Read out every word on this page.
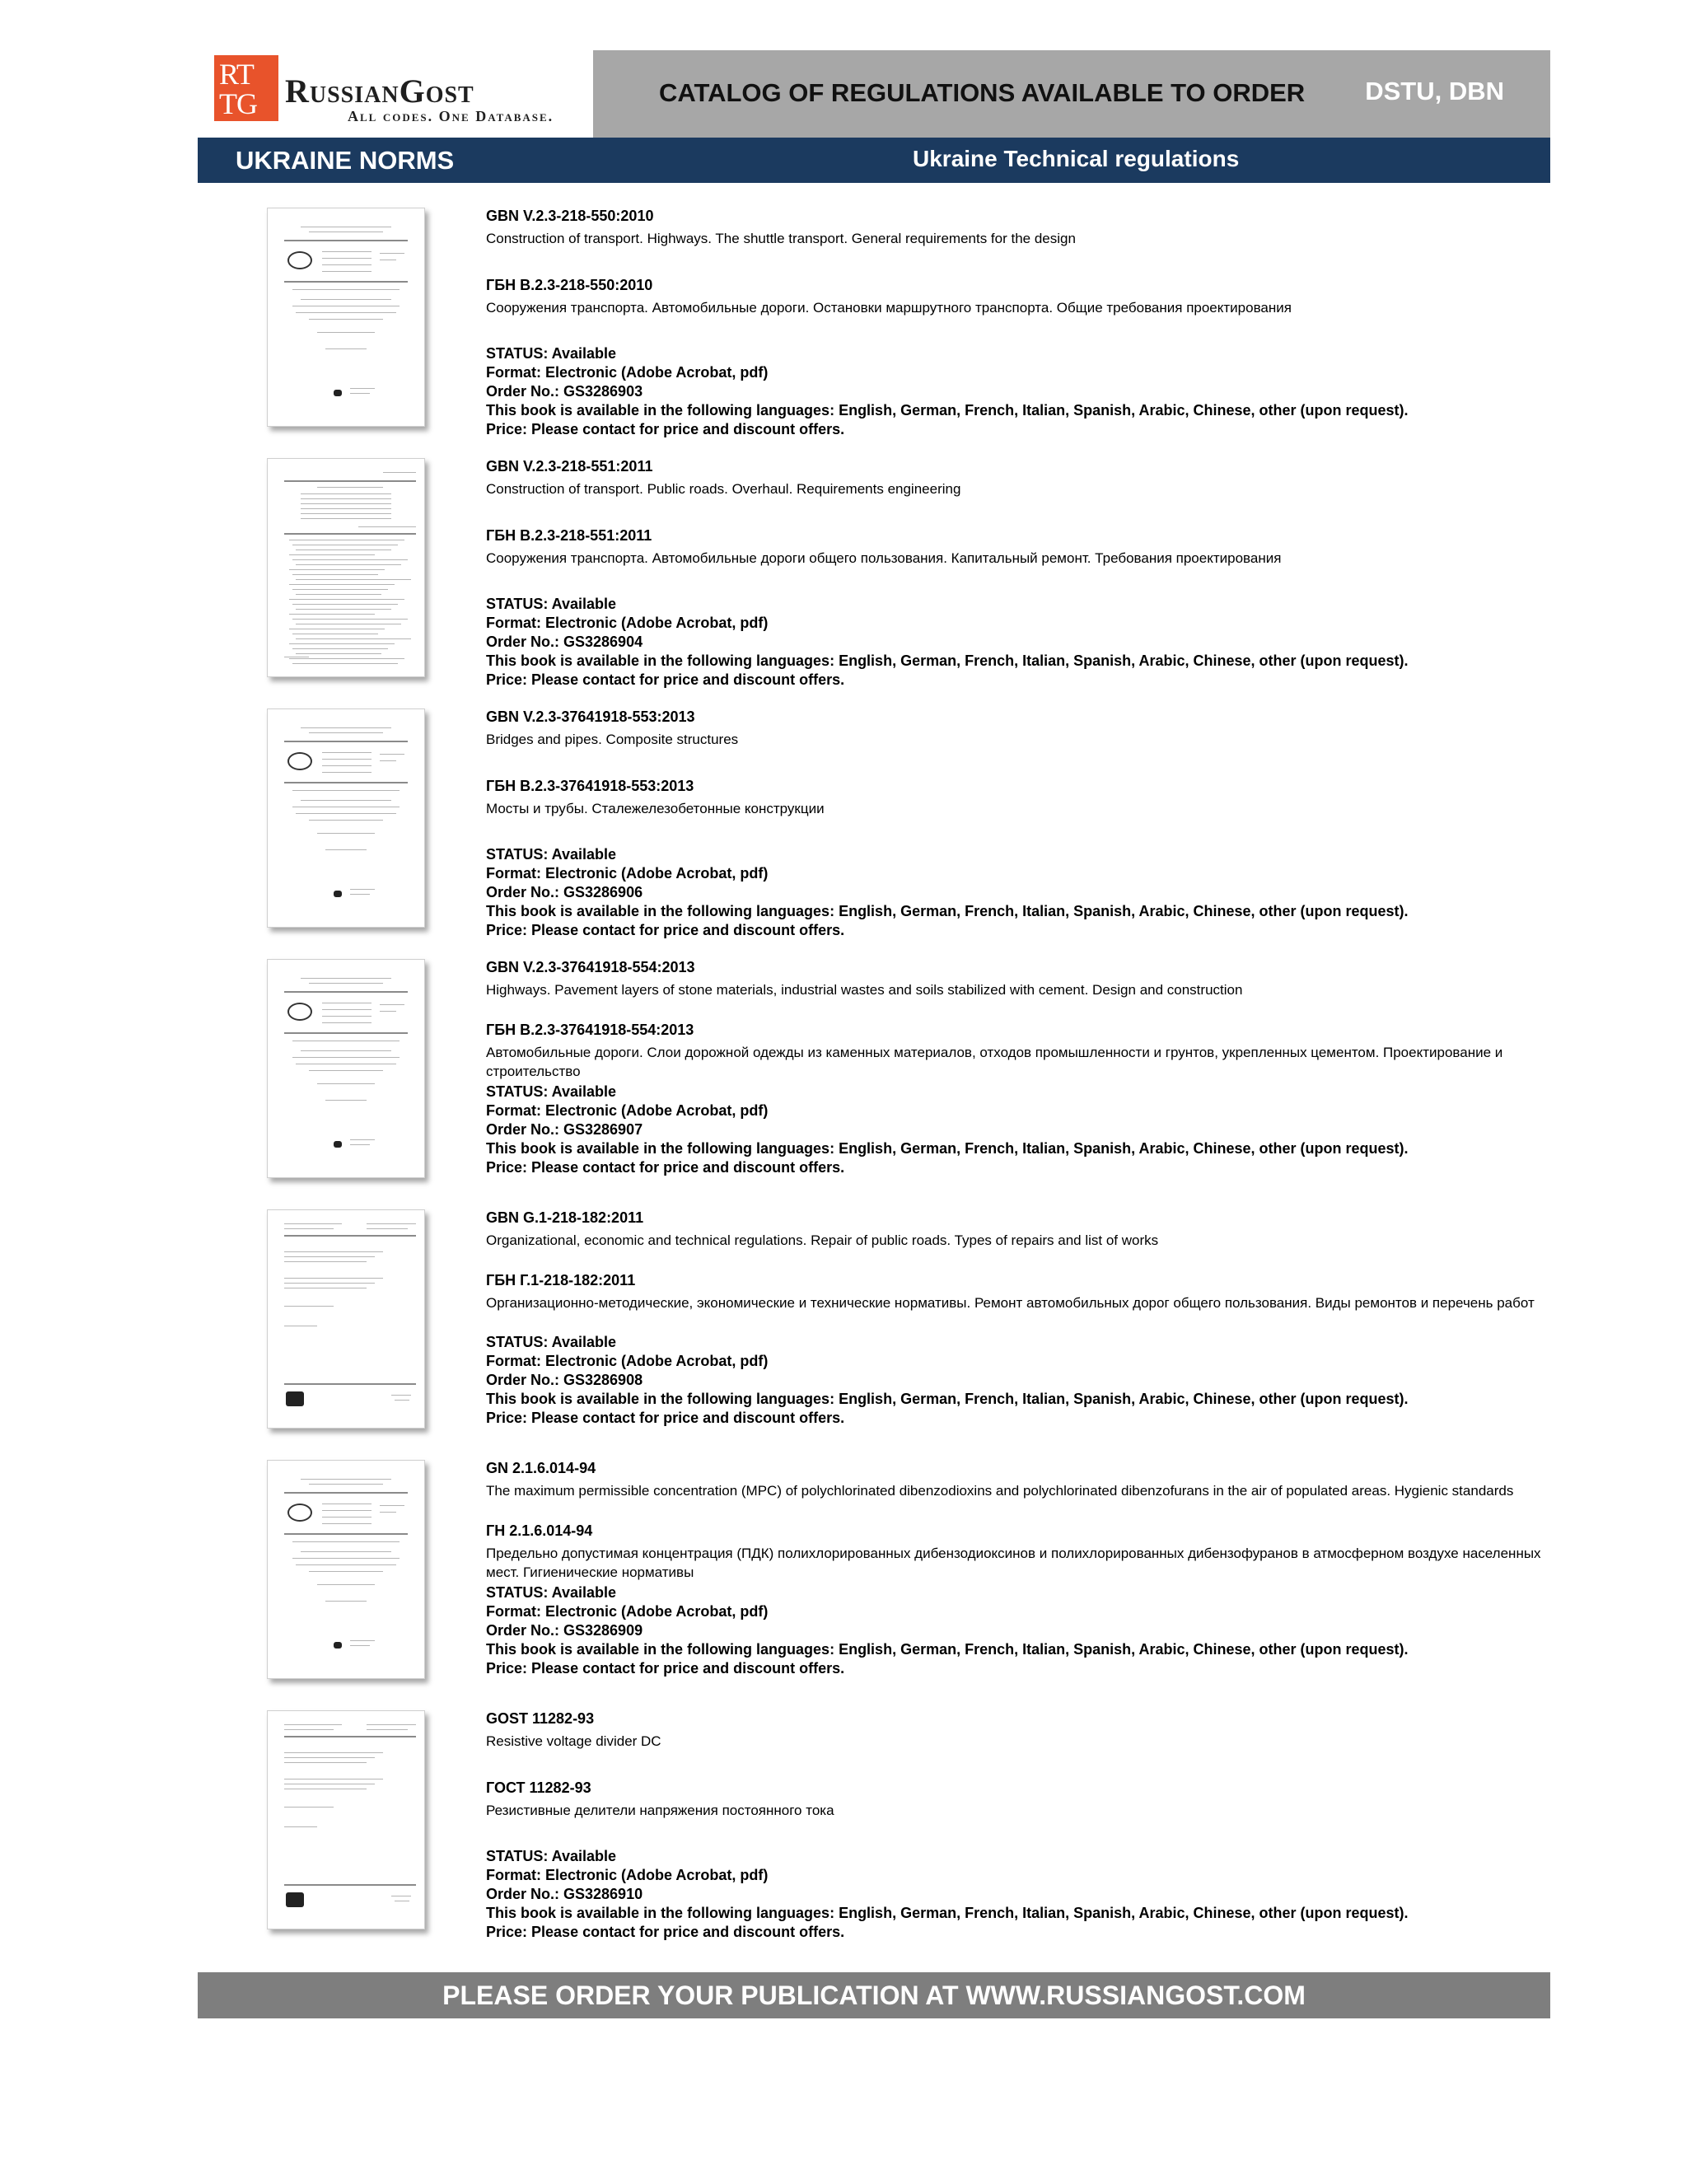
RT
TG RussianGost
All codes. One Database.
CATALOG OF REGULATIONS AVAILABLE TO ORDER DSTU, DBN
UKRAINE NORMS	Ukraine Technical regulations
GBN V.2.3-218-550:2010
Construction of transport. Highways. The shuttle transport. General requirements for the design
ГБН В.2.3-218-550:2010
Сооружения транспорта. Автомобильные дороги. Остановки маршрутного транспорта. Общие требования проектирования
STATUS: Available
Format: Electronic (Adobe Acrobat, pdf)
Order No.: GS3286903
This book is available in the following languages: English, German, French, Italian, Spanish, Arabic, Chinese, other (upon request).
Price: Please contact for price and discount offers.
GBN V.2.3-218-551:2011
Construction of transport. Public roads. Overhaul. Requirements engineering
ГБН В.2.3-218-551:2011
Сооружения транспорта. Автомобильные дороги общего пользования. Капитальный ремонт. Требования проектирования
STATUS: Available
Format: Electronic (Adobe Acrobat, pdf)
Order No.: GS3286904
This book is available in the following languages: English, German, French, Italian, Spanish, Arabic, Chinese, other (upon request).
Price: Please contact for price and discount offers.
GBN V.2.3-37641918-553:2013
Bridges and pipes. Composite structures
ГБН В.2.3-37641918-553:2013
Мосты и трубы. Сталежелезобетонные конструкции
STATUS: Available
Format: Electronic (Adobe Acrobat, pdf)
Order No.: GS3286906
This book is available in the following languages: English, German, French, Italian, Spanish, Arabic, Chinese, other (upon request).
Price: Please contact for price and discount offers.
GBN V.2.3-37641918-554:2013
Highways. Pavement layers of stone materials, industrial wastes and soils stabilized with cement. Design and construction
ГБН В.2.3-37641918-554:2013
Автомобильные дороги. Слои дорожной одежды из каменных материалов, отходов промышленности и грунтов, укрепленных цементом. Проектирование и строительство
STATUS: Available
Format: Electronic (Adobe Acrobat, pdf)
Order No.: GS3286907
This book is available in the following languages: English, German, French, Italian, Spanish, Arabic, Chinese, other (upon request).
Price: Please contact for price and discount offers.
GBN G.1-218-182:2011
Organizational, economic and technical regulations. Repair of public roads. Types of repairs and list of works
ГБН Г.1-218-182:2011
Организационно-методические, экономические и технические нормативы. Ремонт автомобильных дорог общего пользования. Виды ремонтов и перечень работ
STATUS: Available
Format: Electronic (Adobe Acrobat, pdf)
Order No.: GS3286908
This book is available in the following languages: English, German, French, Italian, Spanish, Arabic, Chinese, other (upon request).
Price: Please contact for price and discount offers.
GN 2.1.6.014-94
The maximum permissible concentration (MPC) of polychlorinated dibenzodioxins and polychlorinated dibenzofurans in the air of populated areas. Hygienic standards
ГН 2.1.6.014-94
Предельно допустимая концентрация (ПДК) полихлорированных дибензодиоксинов и полихлорированных дибензофуранов в атмосферном воздухе населенных мест. Гигиенические нормативы
STATUS: Available
Format: Electronic (Adobe Acrobat, pdf)
Order No.: GS3286909
This book is available in the following languages: English, German, French, Italian, Spanish, Arabic, Chinese, other (upon request).
Price: Please contact for price and discount offers.
GOST 11282-93
Resistive voltage divider DC
ГОСТ 11282-93
Резистивные делители напряжения постоянного тока
STATUS: Available
Format: Electronic (Adobe Acrobat, pdf)
Order No.: GS3286910
This book is available in the following languages: English, German, French, Italian, Spanish, Arabic, Chinese, other (upon request).
Price: Please contact for price and discount offers.
PLEASE ORDER YOUR PUBLICATION AT WWW.RUSSIANGOST.COM
